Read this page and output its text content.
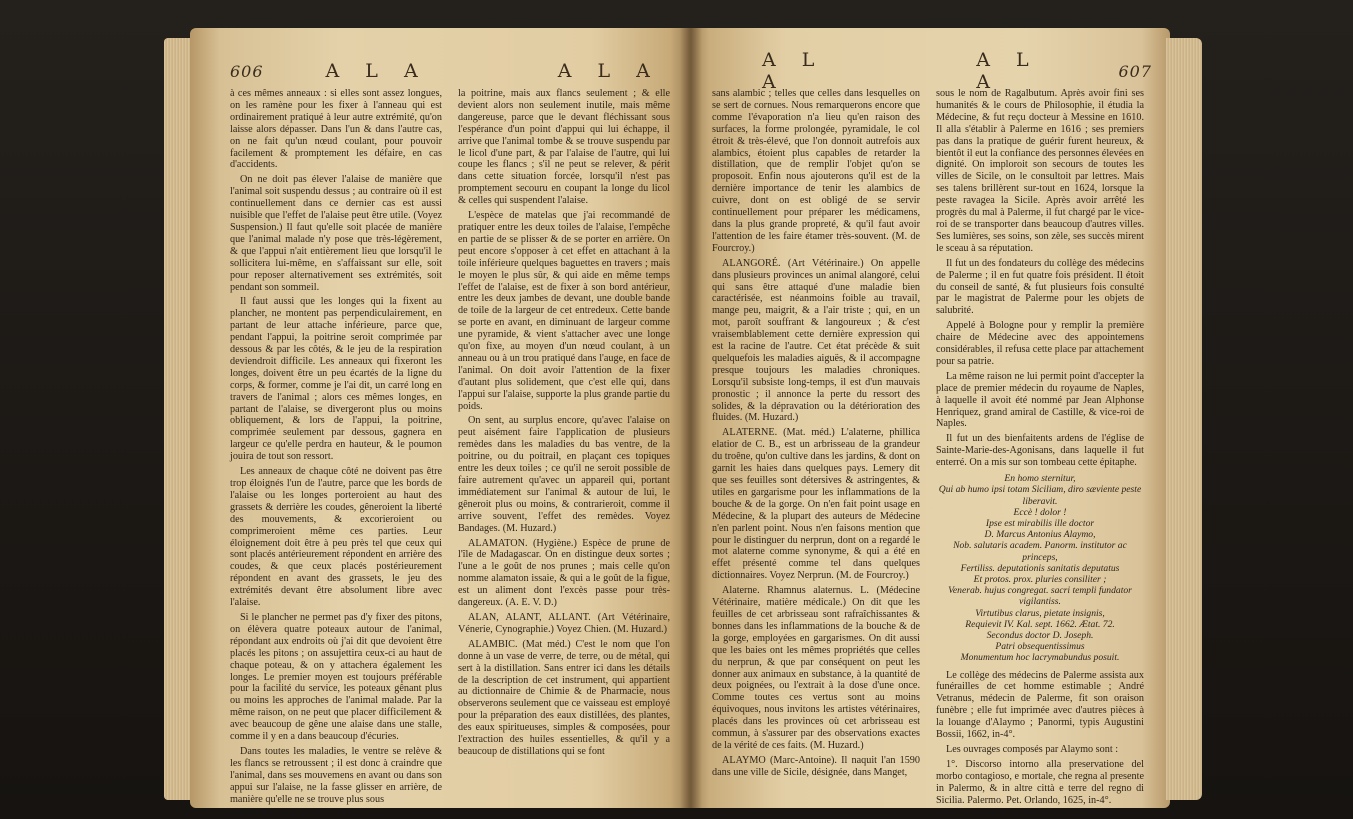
606	A L A	A L A

à ces mêmes anneaux : si elles sont assez longues, on les ramène pour les fixer à l'anneau qui est ordinairement pratiqué à leur autre extrémité, qu'on laisse alors dépasser. Dans l'un & dans l'autre cas, on ne fait qu'un nœud coulant, pour pouvoir facilement & promptement les défaire, en cas d'accidents.

On ne doit pas élever l'alaise de manière que l'animal soit suspendu dessus ; au contraire où il est continuellement dans ce dernier cas est aussi nuisible que l'effet de l'alaise peut être utile. (Voyez Suspension.) Il faut qu'elle soit placée de manière que l'animal malade n'y pose que très-légèrement, & que l'appui n'ait entièrement lieu que lorsqu'il le sollicitera lui-même, en s'affaissant sur elle, soit pour reposer alternativement ses extrémités, soit pendant son sommeil.

Il faut aussi que les longes qui la fixent au plancher, ne montent pas perpendiculairement, en partant de leur attache inférieure, parce que, pendant l'appui, la poitrine seroit comprimée par dessous & par les côtés, & le jeu de la respiration deviendroit difficile. Les anneaux qui fixeront les longes, doivent être un peu écartés de la ligne du corps, & former, comme je l'ai dit, un carré long en travers de l'animal ; alors ces mêmes longes, en partant de l'alaise, se divergeront plus ou moins obliquement, & lors de l'appui, la poitrine, comprimée seulement par dessous, gagnera en largeur ce qu'elle perdra en hauteur, & le poumon jouira de tout son ressort.

Les anneaux de chaque côté ne doivent pas être trop éloignés l'un de l'autre, parce que les bords de l'alaise ou les longes porteroient au haut des grassets & derrière les coudes, gêneroient la liberté des mouvements, & excorieroient ou comprimeroient même ces parties. Leur éloignement doit être à peu près tel que ceux qui sont placés antérieurement répondent en arrière des coudes, & que ceux placés postérieurement répondent en avant des grassets, le jeu des extrémités devant être absolument libre avec l'alaise.

Si le plancher ne permet pas d'y fixer des pitons, on élèvera quatre poteaux autour de l'animal, répondant aux endroits où j'ai dit que devoient être placés les pitons ; on assujettira ceux-ci au haut de chaque poteau, & on y attachera également les longes. Le premier moyen est toujours préférable pour la facilité du service, les poteaux gênant plus ou moins les approches de l'animal malade. Par la même raison, on ne peut que placer difficilement & avec beaucoup de gêne une alaise dans une stalle, comme il y en a dans beaucoup d'écuries.

Dans toutes les maladies, le ventre se relève & les flancs se retroussent ; il est donc à craindre que l'animal, dans ses mouvemens en avant ou dans son appui sur l'alaise, ne la fasse glisser en arrière, de manière qu'elle ne se trouve plus sous

la poitrine, mais aux flancs seulement ; & elle devient alors non seulement inutile, mais même dangereuse, parce que le devant fléchissant sous l'espérance d'un point d'appui qui lui échappe, il arrive que l'animal tombe & se trouve suspendu par le licol d'une part, & par l'alaise de l'autre, qui lui coupe les flancs ; s'il ne peut se relever, & périt dans cette situation forcée, lorsqu'il n'est pas promptement secouru en coupant la longe du licol & celles qui suspendent l'alaise.

L'espèce de matelas que j'ai recommandé de pratiquer entre les deux toiles de l'alaise, l'empêche en partie de se plisser & de se porter en arrière. On peut encore s'opposer à cet effet en attachant à la toile inférieure quelques baguettes en travers ; mais le moyen le plus sûr, & qui aide en même temps l'effet de l'alaise, est de fixer à son bord antérieur, entre les deux jambes de devant, une double bande de toile de la largeur de cet entredeux. Cette bande se porte en avant, en diminuant de largeur comme une pyramide, & vient s'attacher avec une longe qu'on fixe, au moyen d'un nœud coulant, à un anneau ou à un trou pratiqué dans l'auge, en face de l'animal. On doit avoir l'attention de la fixer d'autant plus solidement, que c'est elle qui, dans l'appui sur l'alaise, supporte la plus grande partie du poids.

On sent, au surplus encore, qu'avec l'alaise on peut aisément faire l'application de plusieurs remèdes dans les maladies du bas ventre, de la poitrine, ou du poitrail, en plaçant ces topiques entre les deux toiles ; ce qu'il ne seroit possible de faire autrement qu'avec un appareil qui, portant immédiatement sur l'animal & autour de lui, le gêneroit plus ou moins, & contrarieroit, comme il arrive souvent, l'effet des remèdes. Voyez Bandages. (M. Huzard.)

ALAMATON. (Hygiène.) Espèce de prune de l'île de Madagascar. On en distingue deux sortes ; l'une a le goût de nos prunes ; mais celle qu'on nomme alamaton issaie, & qui a le goût de la figue, est un aliment dont l'excès passe pour très-dangereux. (A. E. V. D.)

ALAN, ALANT, ALLANT. (Art Vétérinaire, Vénerie, Cynographie.) Voyez Chien. (M. Huzard.)

ALAMBIC. (Mat méd.) C'est le nom que l'on donne à un vase de verre, de terre, ou de métal, qui sert à la distillation. Sans entrer ici dans les détails de la description de cet instrument, qui appartient au dictionnaire de Chimie & de Pharmacie, nous observerons seulement que ce vaisseau est employé pour la préparation des eaux distillées, des plantes, des eaux spiritueuses, simples & composées, pour l'extraction des huiles essentielles, & qu'il y a beaucoup de distillations qui se font

A L A
A L A	607

sans alambic ; telles que celles dans lesquelles on se sert de cornues. Nous remarquerons encore que comme l'évaporation n'a lieu qu'en raison des surfaces, la forme prolongée, pyramidale, le col étroit & très-élevé, que l'on donnoit autrefois aux alambics, étoient plus capables de retarder la distillation, que de remplir l'objet qu'on se proposoit. Enfin nous ajouterons qu'il est de la dernière importance de tenir les alambics de cuivre, dont on est obligé de se servir continuellement pour préparer les médicamens, dans la plus grande propreté, & qu'il faut avoir l'attention de les faire étamer très-souvent. (M. de Fourcroy.)

ALANGORÉ. (Art Vétérinaire.) On appelle dans plusieurs provinces un animal alangoré, celui qui sans être attaqué d'une maladie bien caractérisée, est néanmoins foible au travail, mange peu, maigrit, & a l'air triste ; qui, en un mot, paroît souffrant & langoureux ; & c'est vraisemblablement cette dernière expression qui est la racine de l'autre. Cet état précède & suit quelquefois les maladies aiguës, & il accompagne presque toujours les maladies chroniques. Lorsqu'il subsiste long-temps, il est d'un mauvais pronostic ; il annonce la perte du ressort des solides, & la dépravation ou la détérioration des fluides. (M. Huzard.)

ALATERNE. (Mat. méd.) L'alaterne, phillica elatior de C. B., est un arbrisseau de la grandeur du troêne, qu'on cultive dans les jardins, & dont on garnit les haies dans quelques pays. Lemery dit que ses feuilles sont détersives & astringentes, & utiles en gargarisme pour les inflammations de la bouche & de la gorge. On n'en fait point usage en Médecine, & la plupart des auteurs de Médecine n'en parlent point. Nous n'en faisons mention que pour le distinguer du nerprun, dont on a regardé le mot alaterne comme synonyme, & qui a été en effet présenté comme tel dans quelques dictionnaires. Voyez Nerprun. (M. de Fourcroy.)

Alaterne. Rhamnus alaternus. L. (Médecine Vétérinaire, matière médicale.) On dit que les feuilles de cet arbrisseau sont rafraîchissantes & bonnes dans les inflammations de la bouche & de la gorge, employées en gargarismes. On dit aussi que les baies ont les mêmes propriétés que celles du nerprun, & que par conséquent on peut les donner aux animaux en substance, à la quantité de deux poignées, ou l'extrait à la dose d'une once. Comme toutes ces vertus sont au moins équivoques, nous invitons les artistes vétérinaires, placés dans les provinces où cet arbrisseau est commun, à s'assurer par des observations exactes de la vérité de ces faits. (M. Huzard.)

ALAYMO (Marc-Antoine). Il naquit l'an 1590 dans une ville de Sicile, désignée, dans Manget,

sous le nom de Ragalbutum. Après avoir fini ses humanités & le cours de Philosophie, il étudia la Médecine, & fut reçu docteur à Messine en 1610. Il alla s'établir à Palerme en 1616 ; ses premiers pas dans la pratique de guérir furent heureux, & bientôt il eut la confiance des personnes élevées en dignité. On imploroit son secours de toutes les villes de Sicile, on le consultoit par lettres. Mais ses talens brillèrent sur-tout en 1624, lorsque la peste ravagea la Sicile. Après avoir arrêté les progrès du mal à Palerme, il fut chargé par le vice-roi de se transporter dans beaucoup d'autres villes. Ses lumières, ses soins, son zèle, ses succès mirent le sceau à sa réputation.

Il fut un des fondateurs du collège des médecins de Palerme ; il en fut quatre fois président. Il étoit du conseil de santé, & fut plusieurs fois consulté par le magistrat de Palerme pour les objets de salubrité.

Appelé à Bologne pour y remplir la première chaire de Médecine avec des appointemens considérables, il refusa cette place par attachement pour sa patrie.

La même raison ne lui permit point d'accepter la place de premier médecin du royaume de Naples, à laquelle il avoit été nommé par Jean Alphonse Henriquez, grand amiral de Castille, & vice-roi de Naples.

Il fut un des bienfaitents ardens de l'église de Sainte-Marie-des-Agonisans, dans laquelle il fut enterré. On a mis sur son tombeau cette épitaphe.

En homo sternitur,
Qui ab humo ipsi totam Siciliam, diro sæviente peste liberavit.
Eccè ! dolor !
Ipse est mirabilis ille doctor
D. Marcus Antonius Alaymo,
Nob. salutaris academ. Panorm. institutor ac princeps,
Fertiliss. deputationis sanitatis deputatus
Et protos. prox. pluries consiliter ;
Venerab. hujus congregat. sacri templi fundator vigilantiss.
Virtutibus clarus, pietate insignis,
Requievit IV. Kal. sept. 1662. Ætat. 72.
Secondus doctor D. Joseph.
Patri obsequentissimus
Monumentum hoc lacrymabundus posuit.

Le collège des médecins de Palerme assista aux funérailles de cet homme estimable ; André Vetranus, médecin de Palerme, fit son oraison funèbre ; elle fut imprimée avec d'autres pièces à la louange d'Alaymo ; Panormi, typis Augustini Bossii, 1662, in-4°.

Les ouvrages composés par Alaymo sont :

1°. Discorso intorno alla preservatione del morbo contagioso, e mortale, che regna al presente in Palermo, & in altre città e terre del regno di Sicilia. Palermo. Pet. Orlando, 1625, in-4°.
